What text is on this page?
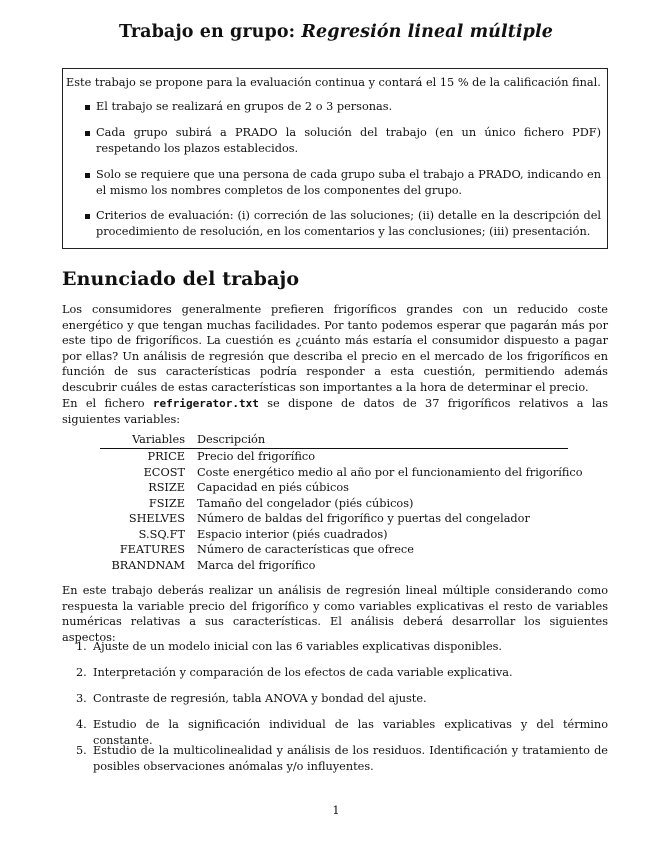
Trabajo en grupo: Regresión lineal múltiple
Este trabajo se propone para la evaluación continua y contará el 15 % de la calificación final.
El trabajo se realizará en grupos de 2 o 3 personas.
Cada grupo subirá a PRADO la solución del trabajo (en un único fichero PDF) respetando los plazos establecidos.
Solo se requiere que una persona de cada grupo suba el trabajo a PRADO, indicando en el mismo los nombres completos de los componentes del grupo.
Criterios de evaluación: (i) correción de las soluciones; (ii) detalle en la descripción del procedimiento de resolución, en los comentarios y las conclusiones; (iii) presentación.
Enunciado del trabajo

Los consumidores generalmente prefieren frigoríficos grandes con un reducido coste energético y que tengan muchas facilidades. Por tanto podemos esperar que pagarán más por este tipo de frigoríficos. La cuestión es ¿cuánto más estaría el consumidor dispuesto a pagar por ellas? Un análisis de regresión que describa el precio en el mercado de los frigoríficos en función de sus características podría responder a esta cuestión, permitiendo además descubrir cuáles de estas características son importantes a la hora de determinar el precio.

En el fichero refrigerator.txt se dispone de datos de 37 frigoríficos relativos a las siguientes variables:

Variables Descripción
PRICE Precio del frigorífico
ECOST Coste energético medio al año por el funcionamiento del frigorífico
RSIZE Capacidad en piés cúbicos
FSIZE Tamaño del congelador (piés cúbicos)
SHELVES Número de baldas del frigorífico y puertas del congelador
S.SQ.FT Espacio interior (piés cuadrados)
FEATURES Número de características que ofrece
BRANDNAM Marca del frigorífico

En este trabajo deberás realizar un análisis de regresión lineal múltiple considerando como respuesta la variable precio del frigorífico y como variables explicativas el resto de variables numéricas relativas a sus características. El análisis deberá desarrollar los siguientes aspectos:

1. Ajuste de un modelo inicial con las 6 variables explicativas disponibles.
2. Interpretación y comparación de los efectos de cada variable explicativa.
3. Contraste de regresión, tabla ANOVA y bondad del ajuste.
4. Estudio de la significación individual de las variables explicativas y del término constante.
5. Estudio de la multicolinealidad y análisis de los residuos. Identificación y tratamiento de posibles observaciones anómalas y/o influyentes.
1
